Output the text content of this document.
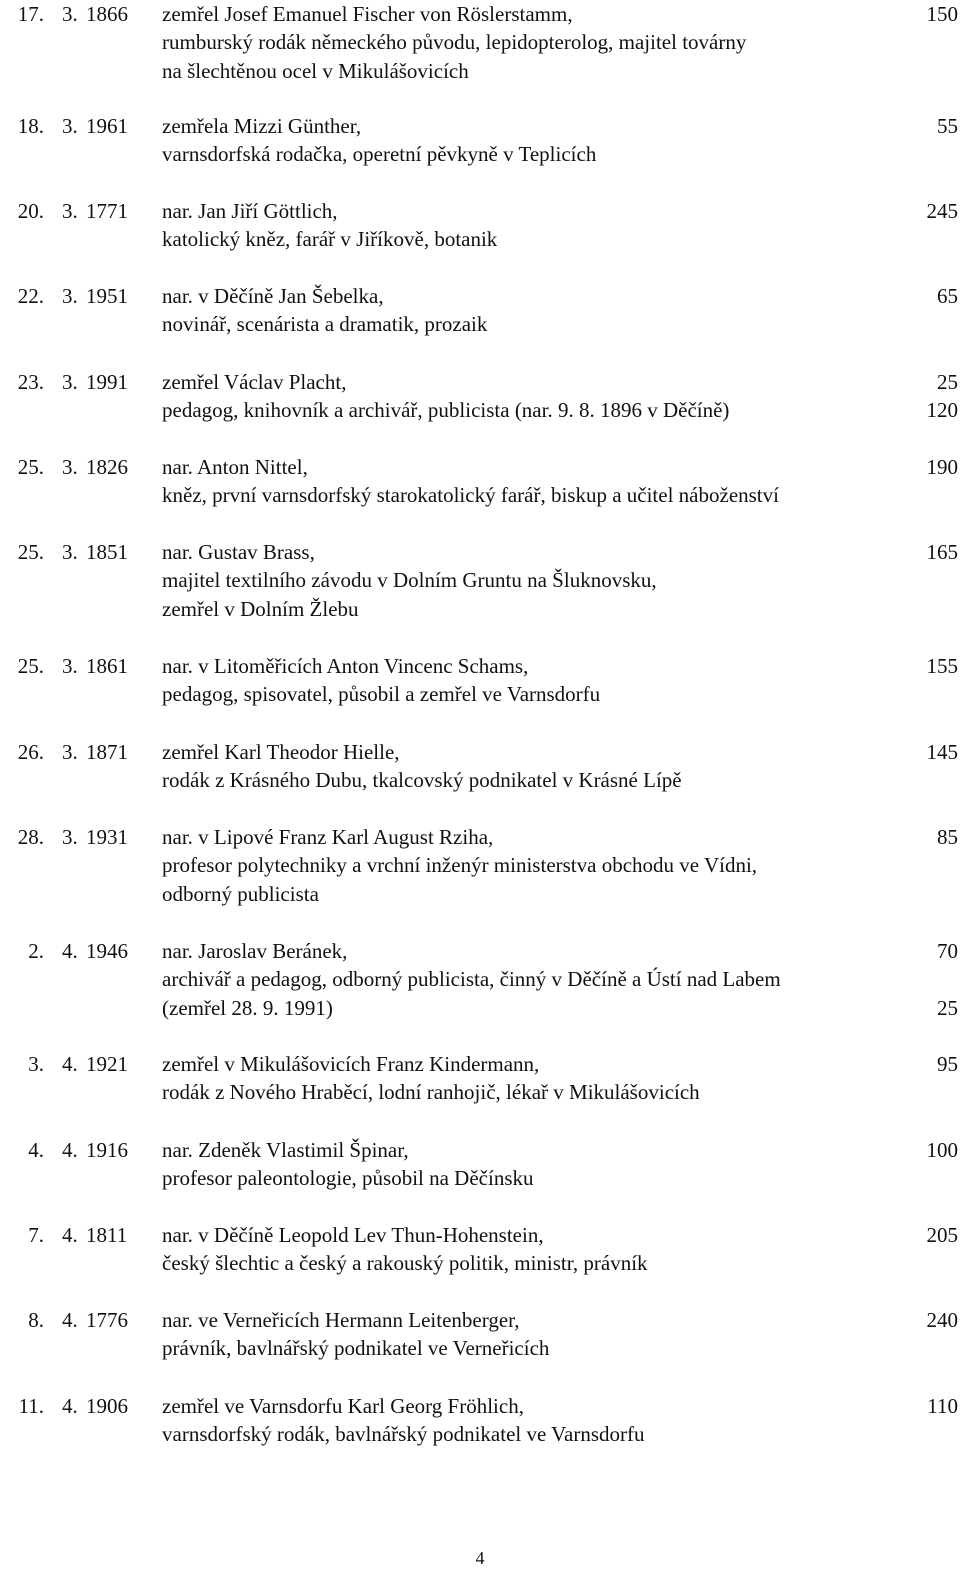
17. 3. 1866 zemřel Josef Emanuel Fischer von Röslerstamm,	150
rumburský rodák německého původu, lepidopterolog, majitel továrny
na šlechtěnou ocel v Mikulášovicích
18. 3. 1961 zemřela Mizzi Günther,	55
varnsdorfská rodačka, operetní pěvkyně v Teplicích
20. 3. 1771 nar. Jan Jiří Göttlich,	245
katolický kněz, farář v Jiříkově, botanik
22. 3. 1951 nar. v Děčíně Jan Šebelka,	65
novinář, scenárista a dramatik, prozaik
23. 3. 1991 zemřel Václav Placht,	25
pedagog, knihovník a archivář, publicista (nar. 9. 8. 1896 v Děčíně)	120
25. 3. 1826 nar. Anton Nittel,	190
kněz, první varnsdorfský starokatolický farář, biskup a učitel náboženství
25. 3. 1851 nar. Gustav Brass,	165
majitel textilního závodu v Dolním Gruntu na Šluknovsku,
zemřel v Dolním Žlebu
25. 3. 1861 nar. v Litoměřicích Anton Vincenc Schams,	155
pedagog, spisovatel, působil a zemřel ve Varnsdorfu
26. 3. 1871 zemřel Karl Theodor Hielle,	145
rodák z Krásného Dubu, tkalcovský podnikatel v Krásné Lípě
28. 3. 1931 nar. v Lipové Franz Karl August Rziha,	85
profesor polytechniky a vrchní inženýr ministerstva obchodu ve Vídni,
odborný publicista
2. 4. 1946 nar. Jaroslav Beránek,	70
archivář a pedagog, odborný publicista, činný v Děčíně a Ústí nad Labem
(zemřel 28. 9. 1991)	25
3. 4. 1921 zemřel v Mikulášovicích Franz Kindermann,	95
rodák z Nového Hraběcí, lodní ranhojič, lékař v Mikulášovicích
4. 4. 1916 nar. Zdeněk Vlastimil Špinar,	100
profesor paleontologie, působil na Děčínsku
7. 4. 1811 nar. v Děčíně Leopold Lev Thun-Hohenstein,	205
český šlechtic a český a rakouský politik, ministr, právník
8. 4. 1776 nar. ve Verneřicích Hermann Leitenberger,	240
právník, bavlnářský podnikatel ve Verneřicích
11. 4. 1906 zemřel ve Varnsdorfu Karl Georg Fröhlich,	110
varnsdorfský rodák, bavlnářský podnikatel ve Varnsdorfu
4
